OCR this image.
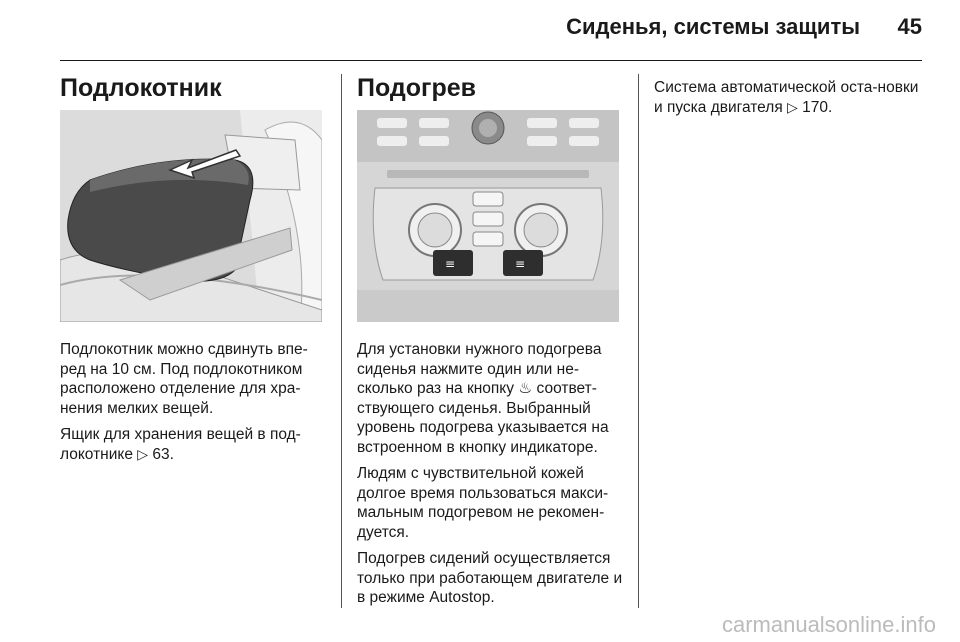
Сиденья, системы защиты	45
Подлокотник

Подлокотник можно сдвинуть впе-ред на 10 см. Под подлокотником расположено отделение для хра-нения мелких вещей.

Ящик для хранения вещей в под-локотнике ▷ 63.

Подогрев
≡	≡

Для установки нужного подогрева сиденья нажмите один или не-сколько раз на кнопку ♨ соответ-ствующего сиденья. Выбранный уровень подогрева указывается на встроенном в кнопку индикаторе.

Людям с чувствительной кожей долгое время пользоваться макси-мальным подогревом не рекомен-дуется.

Подогрев сидений осуществляется только при работающем двигателе и в режиме Autostop.

Система автоматической оста-новки и пуска двигателя ▷ 170.

carmanualsonline.info
